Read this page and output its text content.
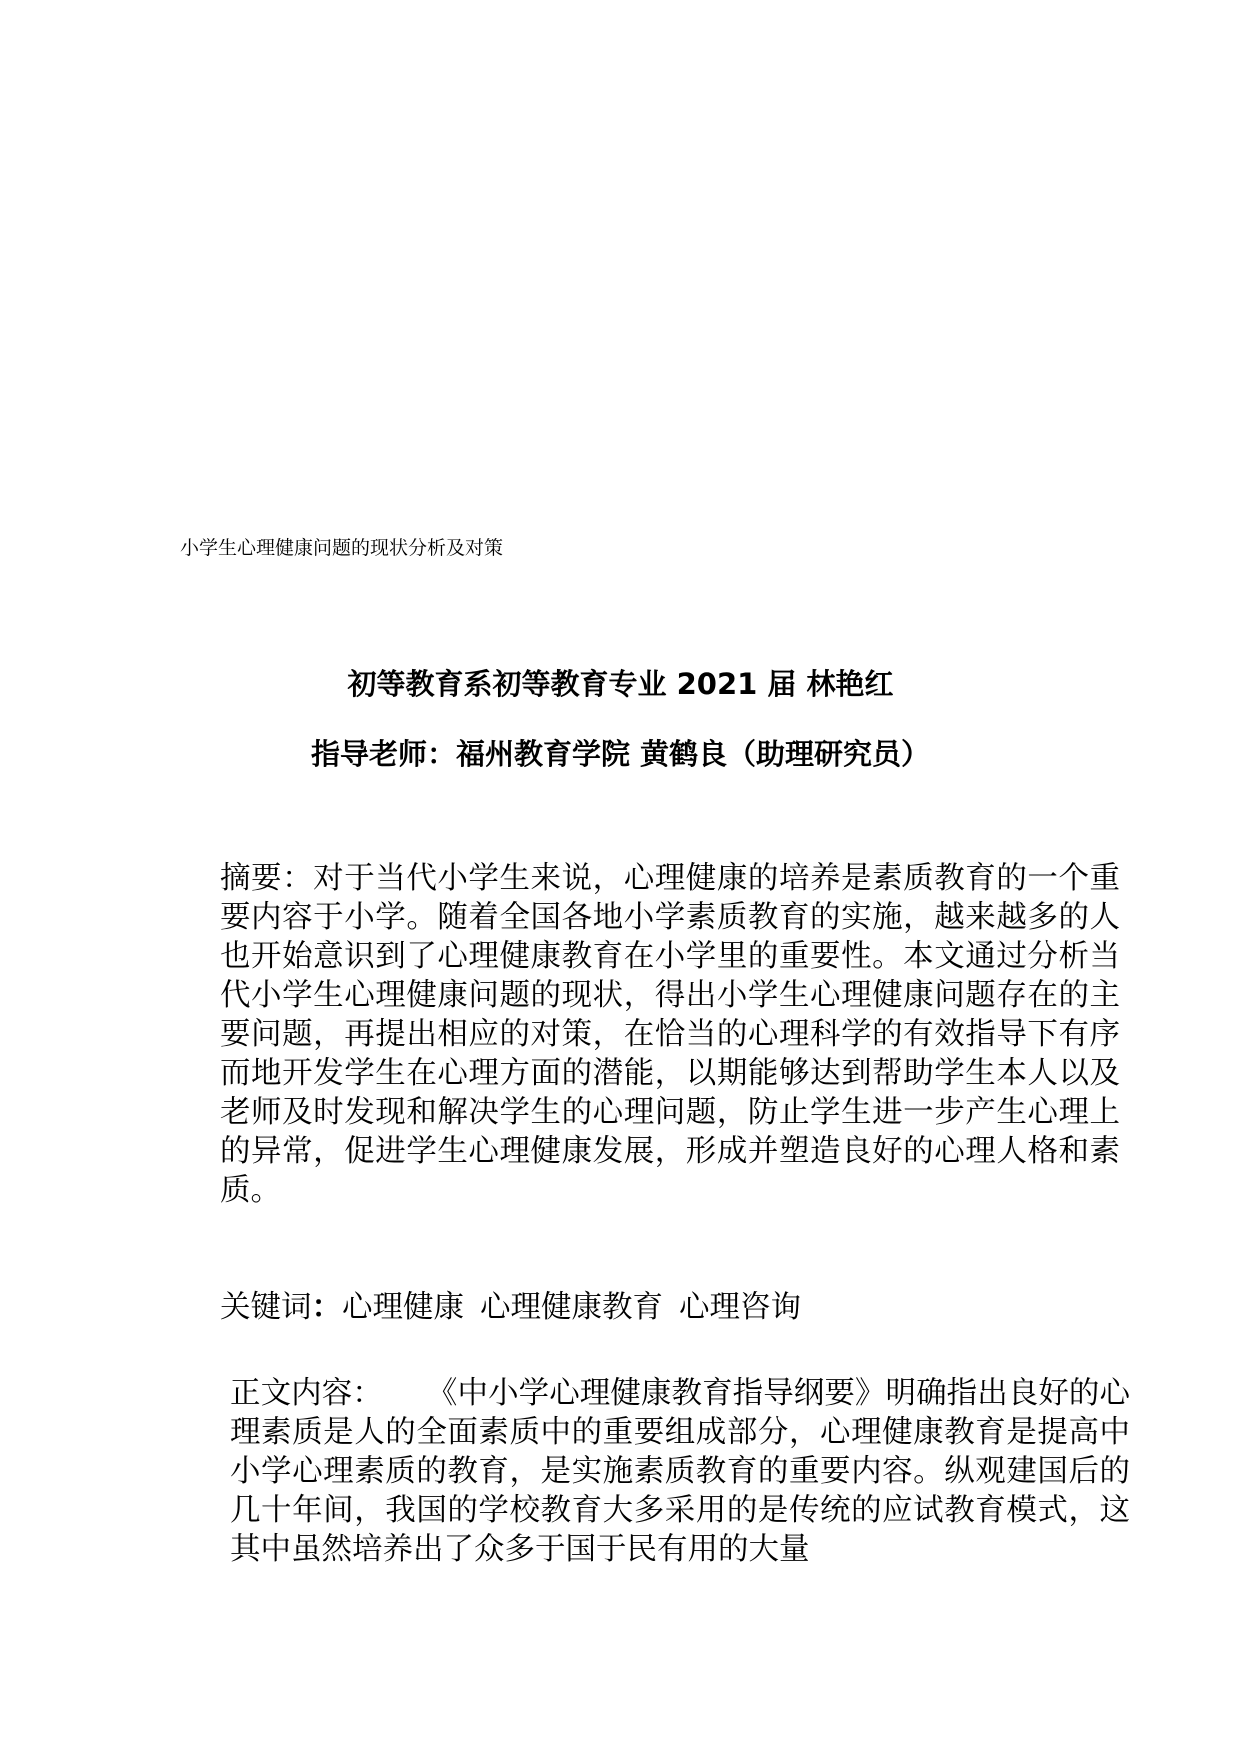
小学生心理健康问题的现状分析及对策
初等教育系初等教育专业 2021 届 林艳红
指导老师：福州教育学院 黄鹤良（助理研究员）
摘要：对于当代小学生来说，心理健康的培养是素质教育的一个重要内容于小学。随着全国各地小学素质教育的实施，越来越多的人也开始意识到了心理健康教育在小学里的重要性。本文通过分析当代小学生心理健康问题的现状，得出小学生心理健康问题存在的主要问题，再提出相应的对策，在恰当的心理科学的有效指导下有序而地开发学生在心理方面的潜能，以期能够达到帮助学生本人以及老师及时发现和解决学生的心理问题，防止学生进一步产生心理上的异常，促进学生心理健康发展，形成并塑造良好的心理人格和素质。
关键词：心理健康 心理健康教育 心理咨询
正文内容： 《中小学心理健康教育指导纲要》明确指出良好的心理素质是人的全面素质中的重要组成部分，心理健康教育是提高中小学心理素质的教育，是实施素质教育的重要内容。纵观建国后的几十年间，我国的学校教育大多采用的是传统的应试教育模式，这其中虽然培养出了众多于国于民有用的大量
